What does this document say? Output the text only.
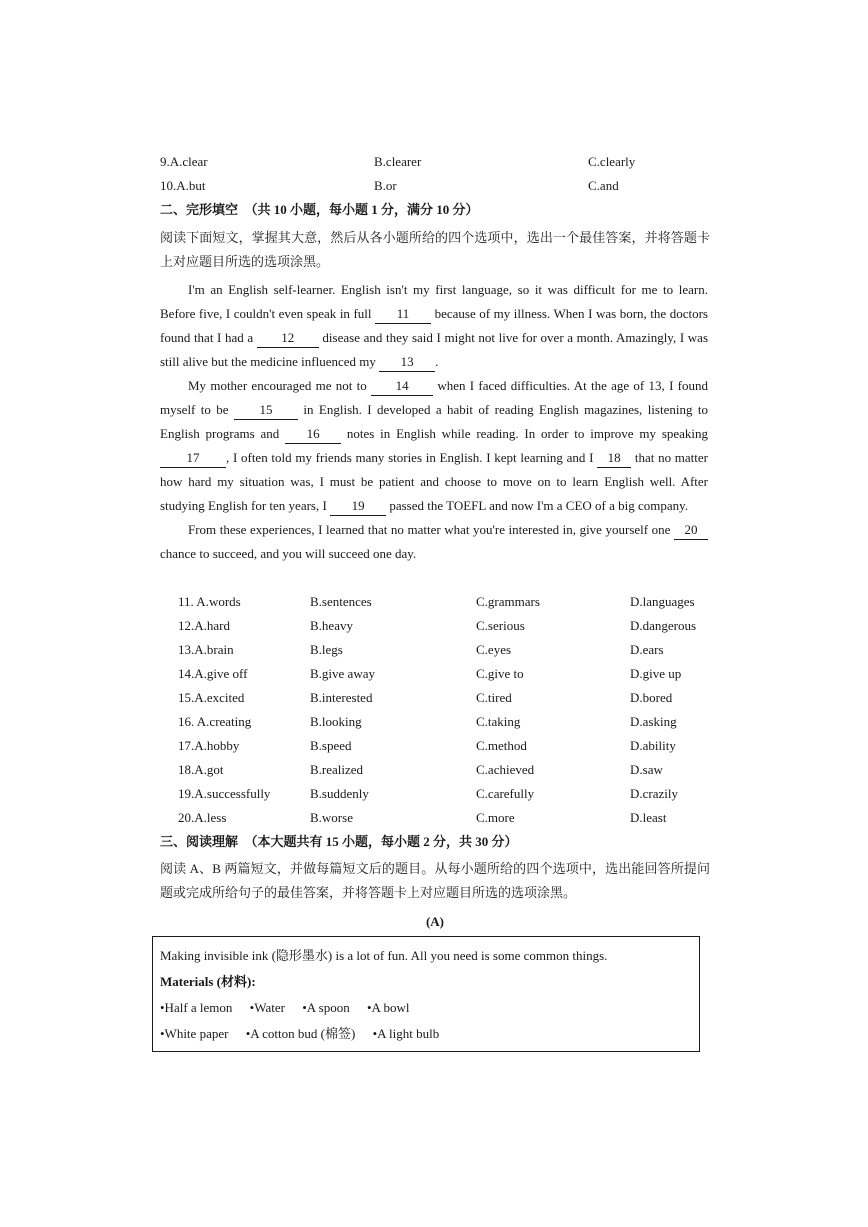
9.A.clear	B.clearer	C.clearly
10.A.but	B.or	C.and
二、完形填空　（共 10 小题，每小题 1 分，满分 10 分）
阅读下面短文，掌握其大意，然后从各小题所给的四个选项中，选出一个最佳答案，并将答题卡上对应题目所选的选项涂黑。

I'm an English self-learner. English isn't my first language, so it was difficult for me to learn. Before five, I couldn't even speak in full 11 because of my illness. When I was born, the doctors found that I had a 12 disease and they said I might not live for over a month. Amazingly, I was still alive but the medicine influenced my 13 .

My mother encouraged me not to 14 when I faced difficulties. At the age of 13, I found myself to be 15 in English. I developed a habit of reading English magazines, listening to English programs and 16 notes in English while reading. In order to improve my speaking 17 , I often told my friends many stories in English. I kept learning and I 18 that no matter how hard my situation was, I must be patient and choose to move on to learn English well. After studying English for ten years, I 19 passed the TOEFL and now I'm a CEO of a big company.

From these experiences, I learned that no matter what you're interested in, give yourself one 20 chance to succeed, and you will succeed one day.

11. A.words	B.sentences	C.grammars	D.languages
12.A.hard	B.heavy	C.serious	D.dangerous
13.A.brain	B.legs	C.eyes	D.ears
14.A.give off	B.give away	C.give to	D.give up
15.A.excited	B.interested	C.tired	D.bored
16. A.creating	B.looking	C.taking	D.asking
17.A.hobby	B.speed	C.method	D.ability
18.A.got	B.realized	C.achieved	D.saw
19.A.successfully	B.suddenly	C.carefully	D.crazily
20.A.less	B.worse	C.more	D.least
三、阅读理解　（本大题共有 15 小题，每小题 2 分，共 30 分）
阅读 A、B 两篇短文，并做每篇短文后的题目。从每小题所给的四个选项中，选出能回答所提问题或完成所给句子的最佳答案，并将答题卡上对应题目所选的选项涂黑。
(A)
Making invisible ink (隐形墨水) is a lot of fun. All you need is some common things.
Materials (材料):
•Half a lemon •Water •A spoon •A bowl
•White paper •A cotton bud (棉签) •A light bulb
